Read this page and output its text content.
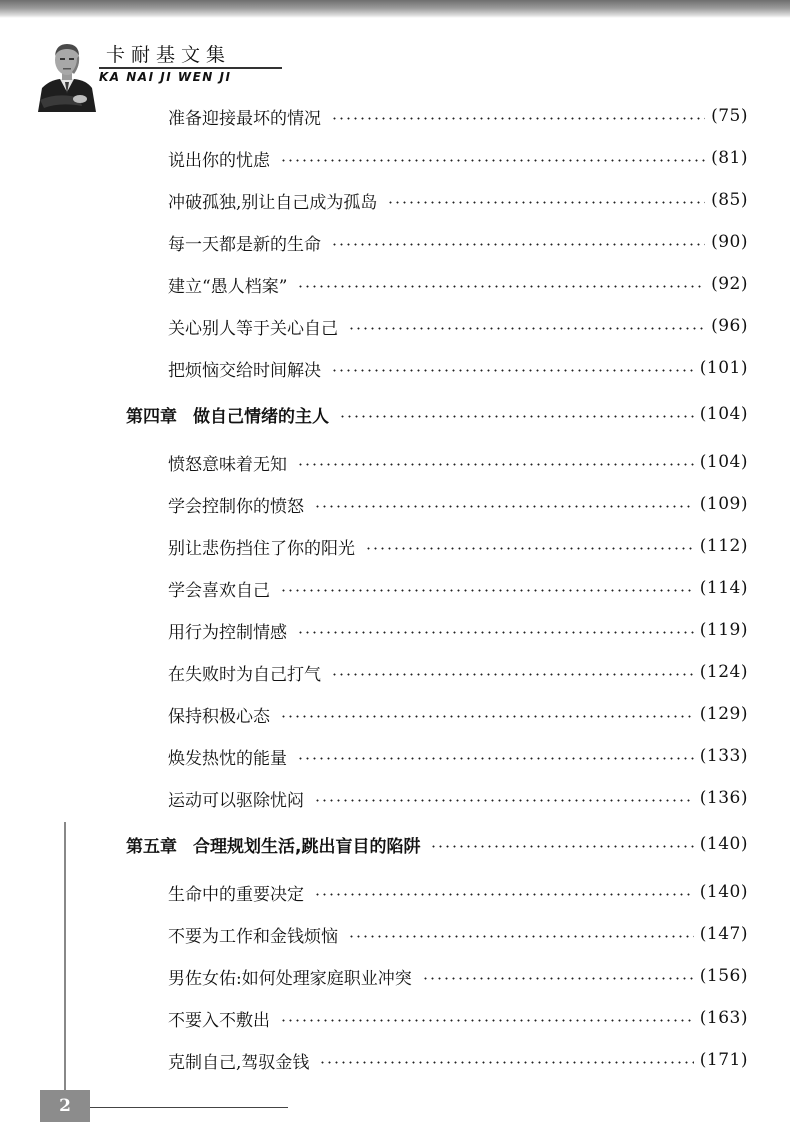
卡耐基文集
KA NAI JI WEN JI
准备迎接最坏的情况	(75)
说出你的忧虑	(81)
冲破孤独,别让自己成为孤岛	(85)
每一天都是新的生命	(90)
建立“愚人档案”	(92)
关心别人等于关心自己	(96)
把烦恼交给时间解决	(101)
第四章 做自己情绪的主人	(104)
愤怒意味着无知	(104)
学会控制你的愤怒	(109)
别让悲伤挡住了你的阳光	(112)
学会喜欢自己	(114)
用行为控制情感	(119)
在失败时为自己打气	(124)
保持积极心态	(129)
焕发热忱的能量	(133)
运动可以驱除忧闷	(136)
第五章 合理规划生活,跳出盲目的陷阱	(140)
生命中的重要决定	(140)
不要为工作和金钱烦恼	(147)
男佐女佑:如何处理家庭职业冲突	(156)
不要入不敷出	(163)
克制自己,驾驭金钱	(171)
2
